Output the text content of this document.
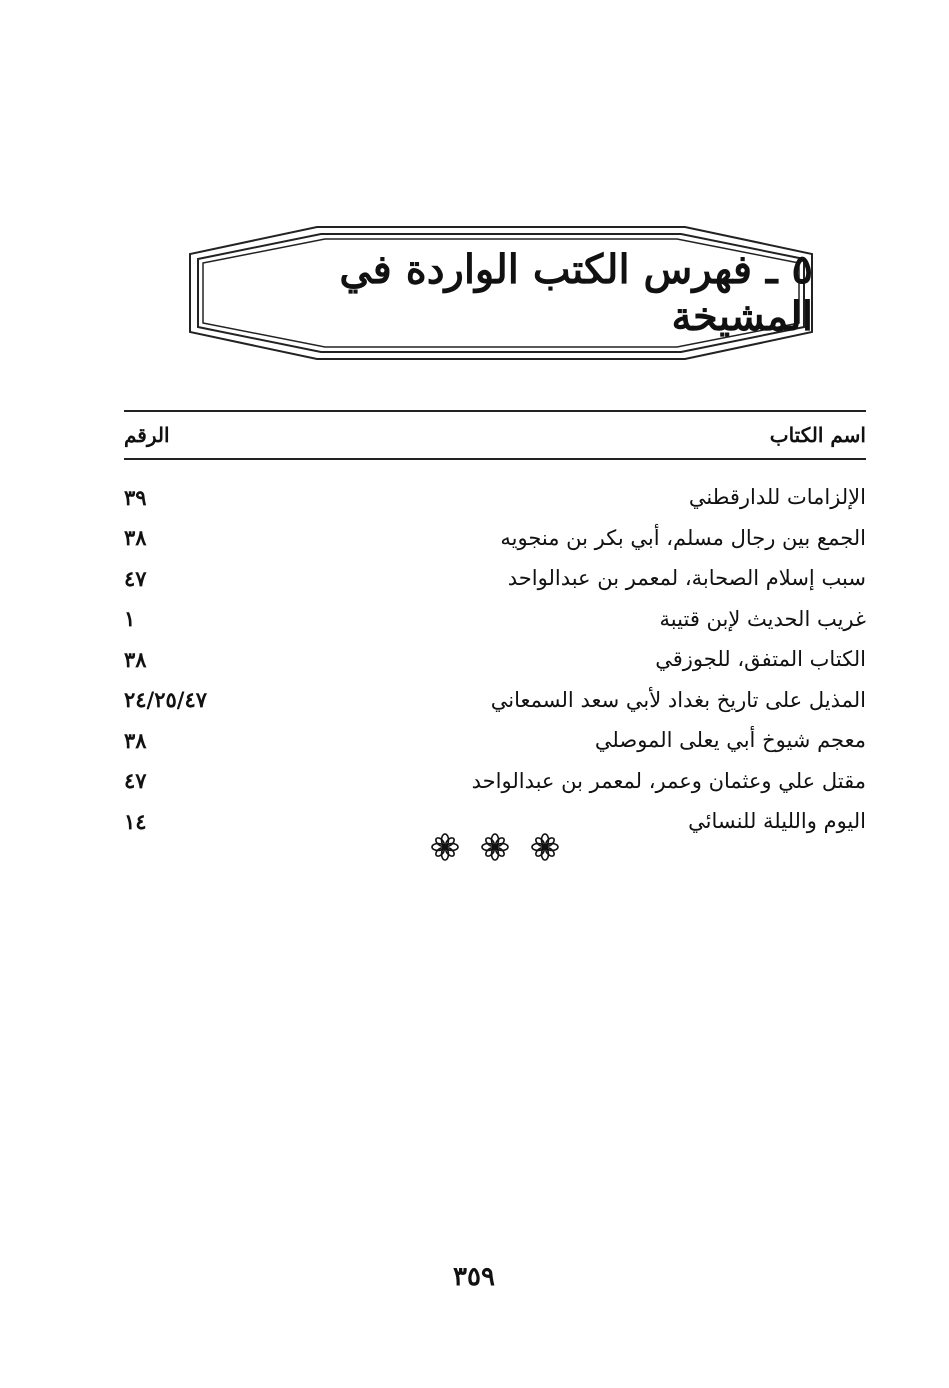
٥ ـ فهرس الكتب الواردة في المشيخة
اسم الكتاب
الرقم
الإلزامات للدارقطني
٣٩
الجمع بين رجال مسلم، أبي بكر بن منجويه
٣٨
سبب إسلام الصحابة، لمعمر بن عبدالواحد
٤٧
غريب الحديث لإبن قتيبة
١
الكتاب المتفق، للجوزقي
٣٨
المذيل على تاريخ بغداد لأبي سعد السمعاني
٢٤/٢٥/٤٧
معجم شيوخ أبي يعلى الموصلي
٣٨
مقتل علي وعثمان وعمر، لمعمر بن عبدالواحد
٤٧
اليوم والليلة للنسائي
١٤
٣٥٩
